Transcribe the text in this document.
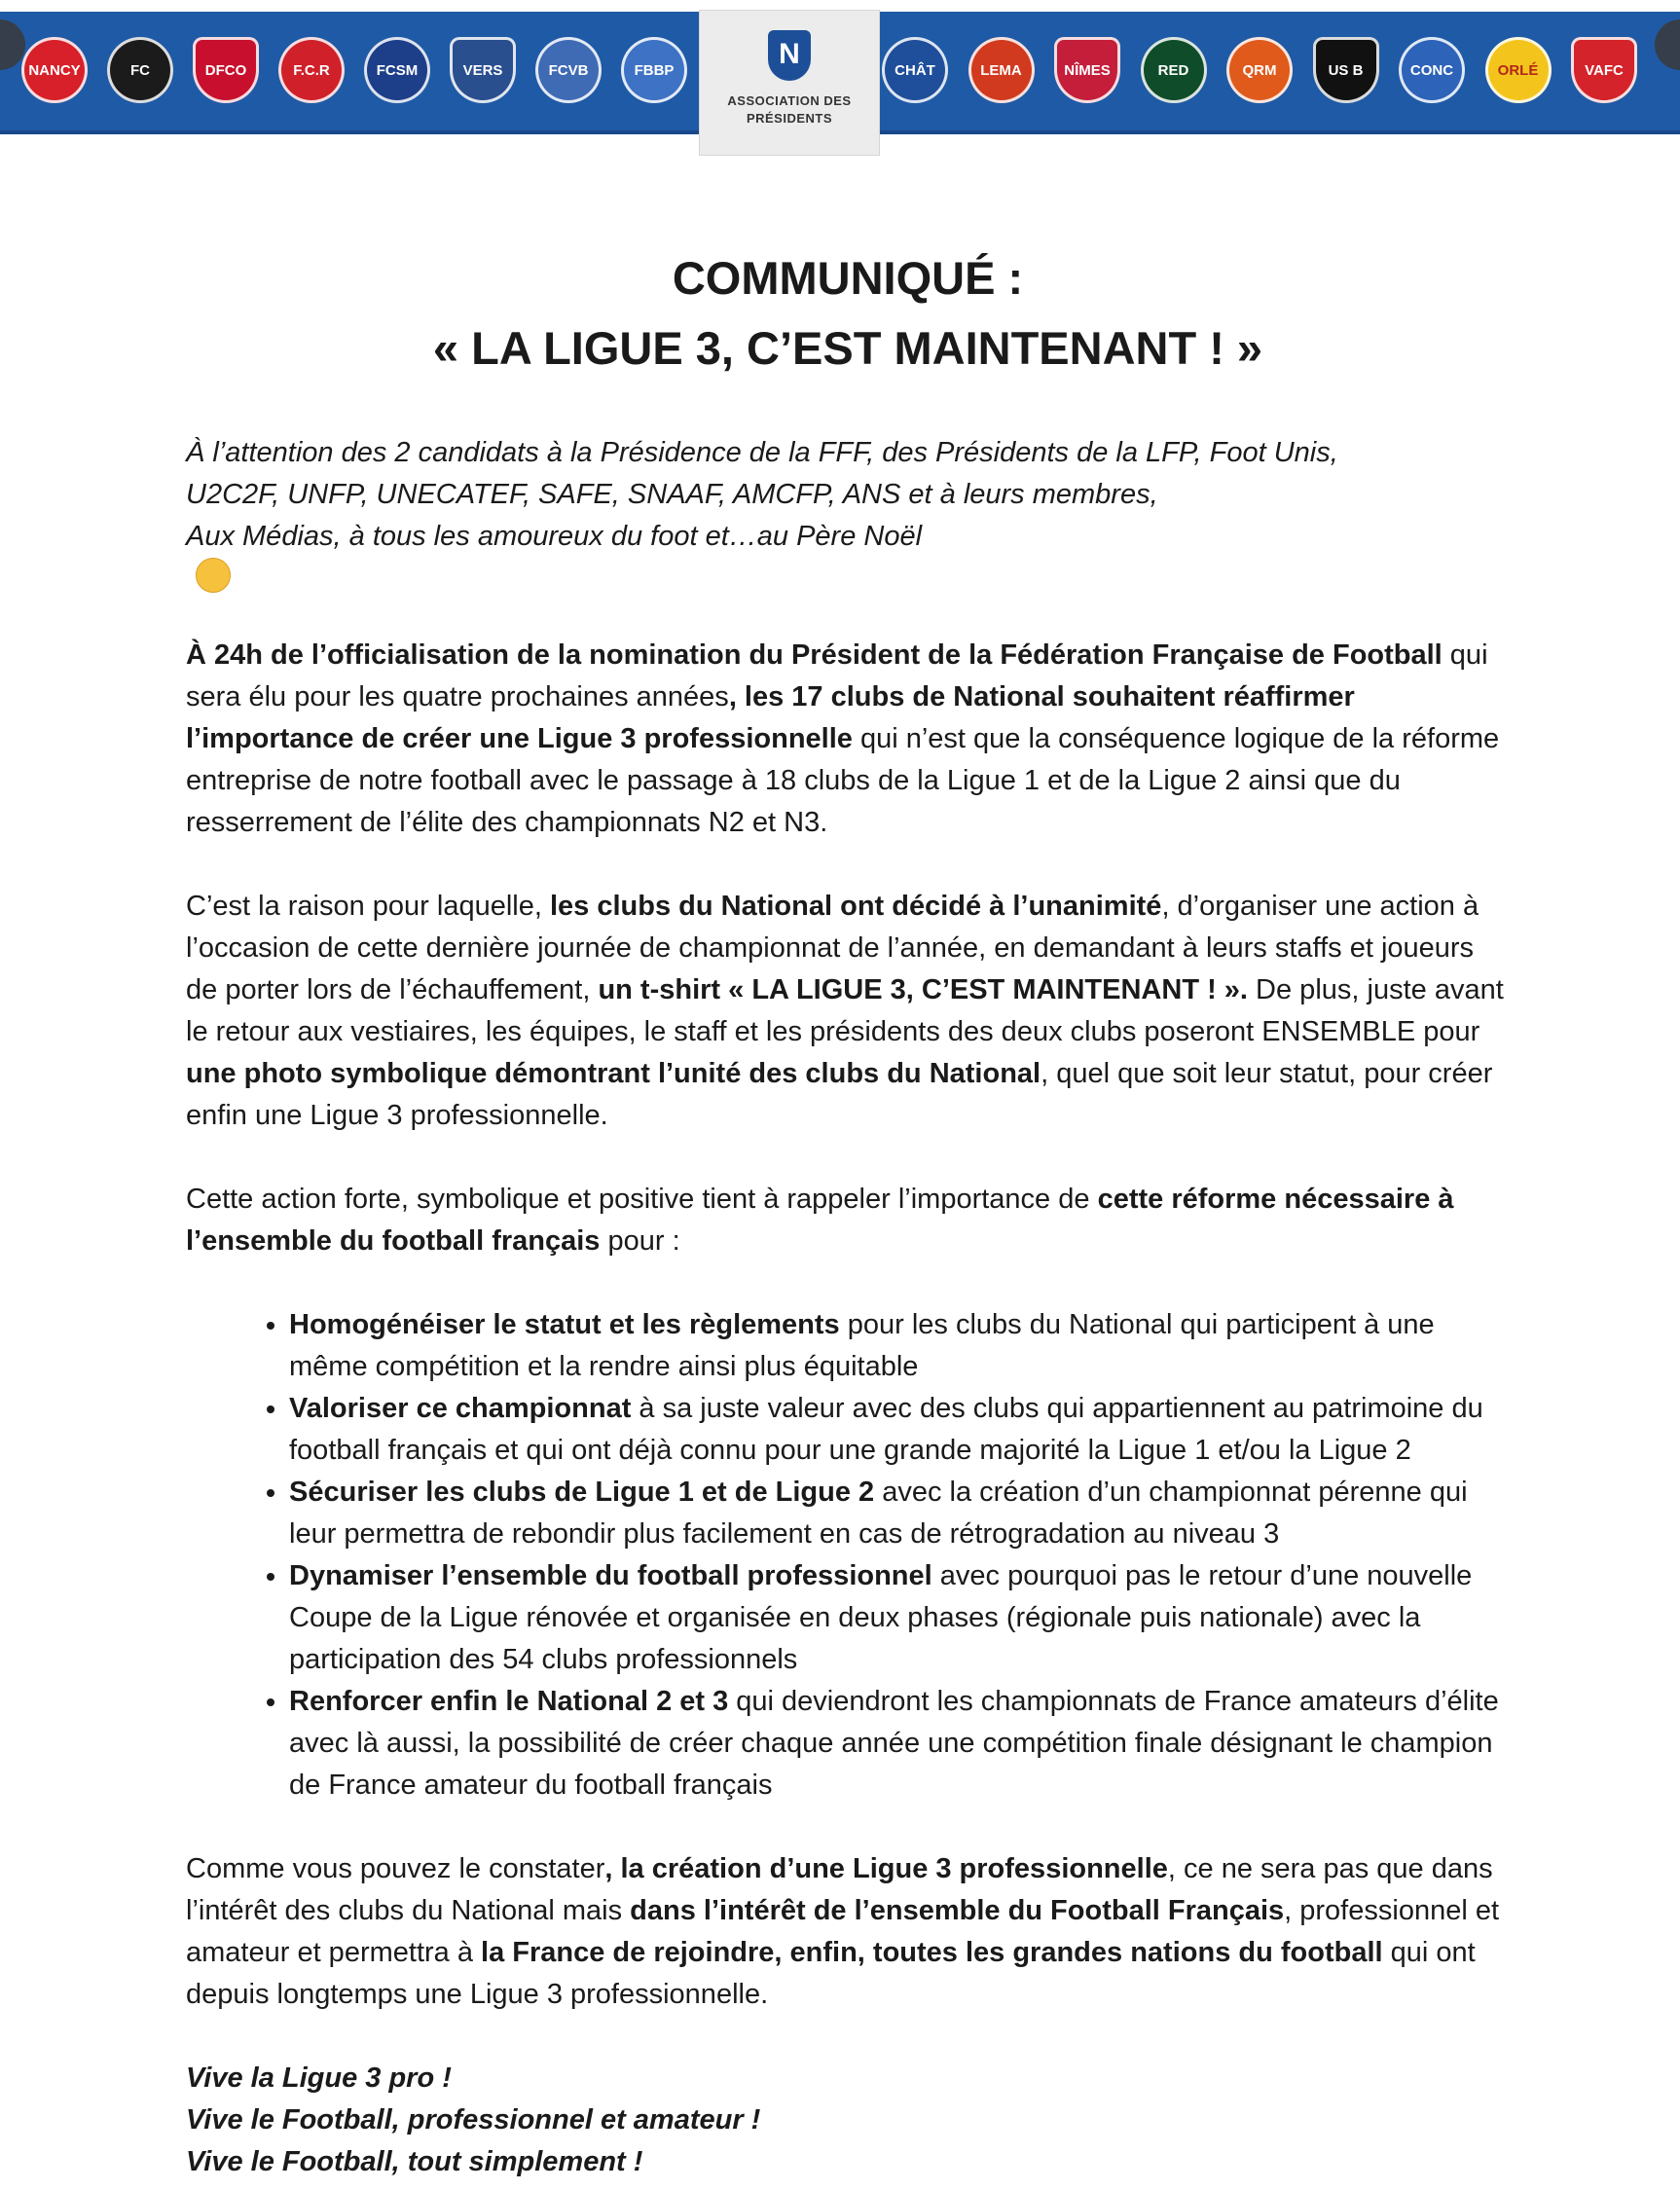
NANCY	FC	DFCO	F.C.R	FCSM	VERS	FCVB	FBBP	CHÂT	LEMA	NÎMES	RED	QRM	US B	CONC	ORLÉ	VAFC
N
ASSOCIATION DES PRÉSIDENTS
COMMUNIQUÉ :
« LA LIGUE 3, C’EST MAINTENANT ! »

À l’attention des 2 candidats à la Présidence de la FFF, des Présidents de la LFP, Foot Unis,
U2C2F, UNFP, UNECATEF, SAFE, SNAAF, AMCFP, ANS et à leurs membres,
Aux Médias, à tous les amoureux du foot et…au Père Noël

À 24h de l’officialisation de la nomination du Président de la Fédération Française de Football qui sera élu pour les quatre prochaines années, les 17 clubs de National souhaitent réaffirmer l’importance de créer une Ligue 3 professionnelle qui n’est que la conséquence logique de la réforme entreprise de notre football avec le passage à 18 clubs de la Ligue 1 et de la Ligue 2 ainsi que du resserrement de l’élite des championnats N2 et N3.

C’est la raison pour laquelle, les clubs du National ont décidé à l’unanimité, d’organiser une action à l’occasion de cette dernière journée de championnat de l’année, en demandant à leurs staffs et joueurs de porter lors de l’échauffement, un t-shirt « LA LIGUE 3, C’EST MAINTENANT ! ». De plus, juste avant le retour aux vestiaires, les équipes, le staff et les présidents des deux clubs poseront ENSEMBLE pour une photo symbolique démontrant l’unité des clubs du National, quel que soit leur statut, pour créer enfin une Ligue 3 professionnelle.

Cette action forte, symbolique et positive tient à rappeler l’importance de cette réforme nécessaire à l’ensemble du football français pour :

• Homogénéiser le statut et les règlements pour les clubs du National qui participent à une même compétition et la rendre ainsi plus équitable
• Valoriser ce championnat à sa juste valeur avec des clubs qui appartiennent au patrimoine du football français et qui ont déjà connu pour une grande majorité la Ligue 1 et/ou la Ligue 2
• Sécuriser les clubs de Ligue 1 et de Ligue 2 avec la création d’un championnat pérenne qui leur permettra de rebondir plus facilement en cas de rétrogradation au niveau 3
• Dynamiser l’ensemble du football professionnel avec pourquoi pas le retour d’une nouvelle Coupe de la Ligue rénovée et organisée en deux phases (régionale puis nationale) avec la participation des 54 clubs professionnels
• Renforcer enfin le National 2 et 3 qui deviendront les championnats de France amateurs d’élite avec là aussi, la possibilité de créer chaque année une compétition finale désignant le champion de France amateur du football français

Comme vous pouvez le constater, la création d’une Ligue 3 professionnelle, ce ne sera pas que dans l’intérêt des clubs du National mais dans l’intérêt de l’ensemble du Football Français, professionnel et amateur et permettra à la France de rejoindre, enfin, toutes les grandes nations du football qui ont depuis longtemps une Ligue 3 professionnelle.

Vive la Ligue 3 pro !
Vive le Football, professionnel et amateur !
Vive le Football, tout simplement !
